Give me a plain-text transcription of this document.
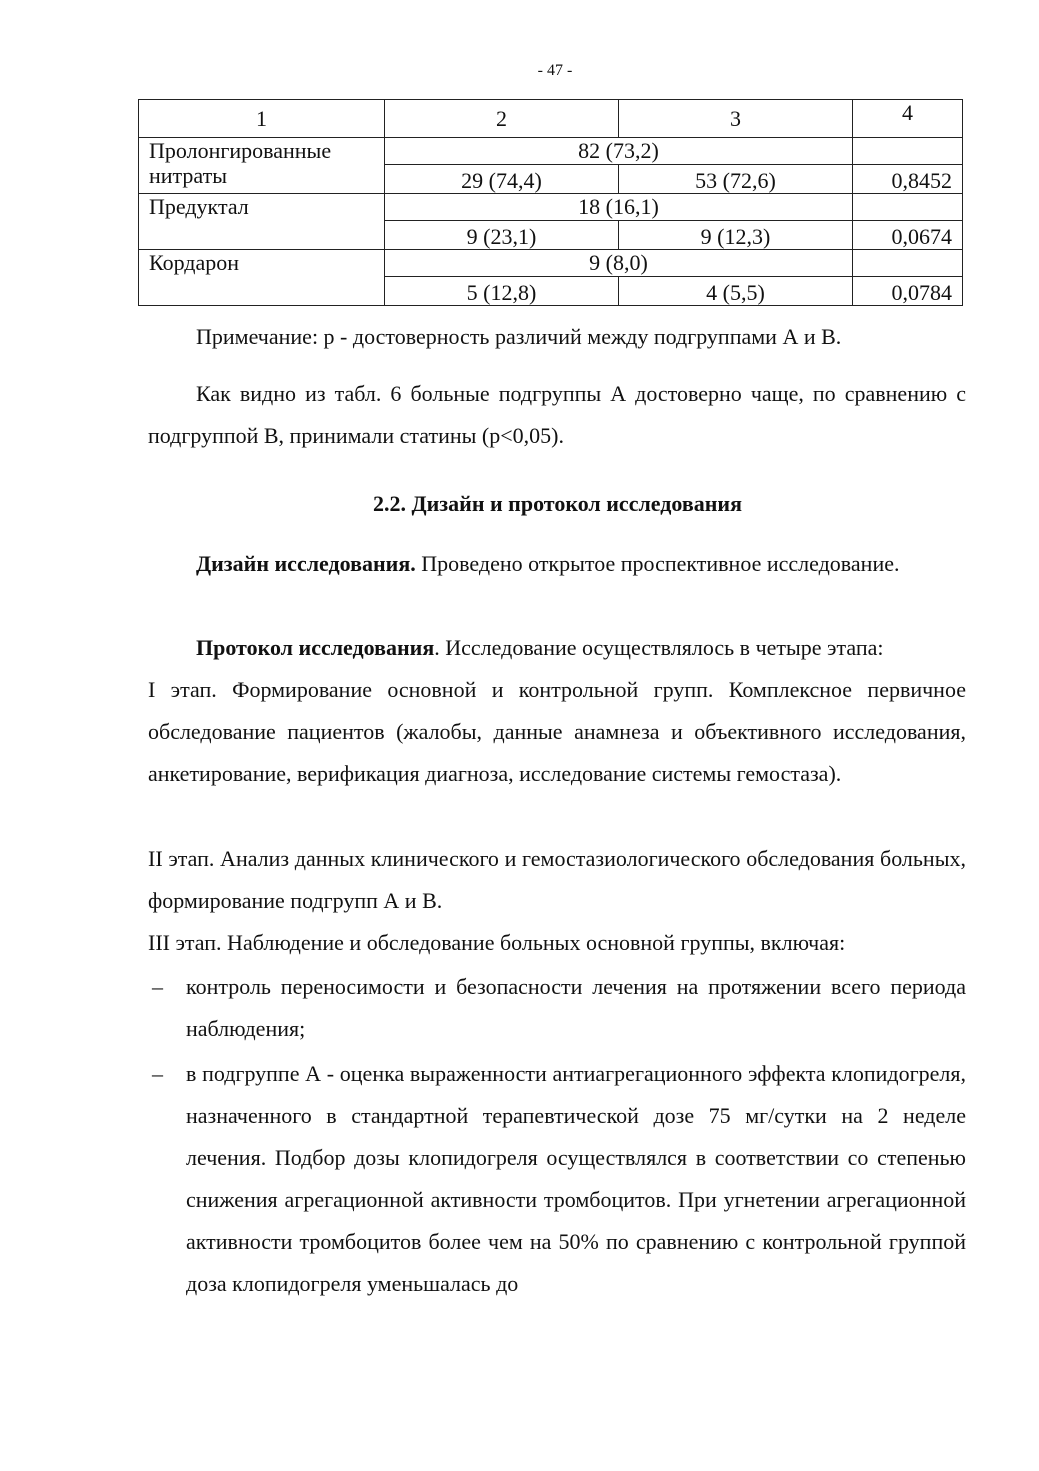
- 47 -
1	2	3	4
Пролонгированные нитраты	82 (73,2)		
	29 (74,4)	53 (72,6)	0,8452
Предуктал	18 (16,1)		
	9 (23,1)	9 (12,3)	0,0674
Кордарон	9 (8,0)		
	5 (12,8)	4 (5,5)	0,0784
Примечание: р - достоверность различий между подгруппами А и В.
Как видно из табл. 6 больные подгруппы А достоверно чаще, по сравнению с подгруппой В, принимали статины (р<0,05).
2.2. Дизайн и протокол исследования
Дизайн исследования. Проведено открытое проспективное исследование.
Протокол исследования. Исследование осуществлялось в четыре этапа:
I этап. Формирование основной и контрольной групп. Комплексное первичное обследование пациентов (жалобы, данные анамнеза и объективного исследования, анкетирование, верификация диагноза, исследование системы гемостаза).
II этап. Анализ данных клинического и гемостазиологического обследования больных, формирование подгрупп А и В.
III этап. Наблюдение и обследование больных основной группы, включая:
– контроль переносимости и безопасности лечения на протяжении всего периода наблюдения;
– в подгруппе А - оценка выраженности антиагрегационного эффекта клопидогреля, назначенного в стандартной терапевтической дозе 75 мг/сутки на 2 неделе лечения. Подбор дозы клопидогреля осуществлялся в соответствии со степенью снижения агрегационной активности тромбоцитов. При угнетении агрегационной активности тромбоцитов более чем на 50% по сравнению с контрольной группой доза клопидогреля уменьшалась до
